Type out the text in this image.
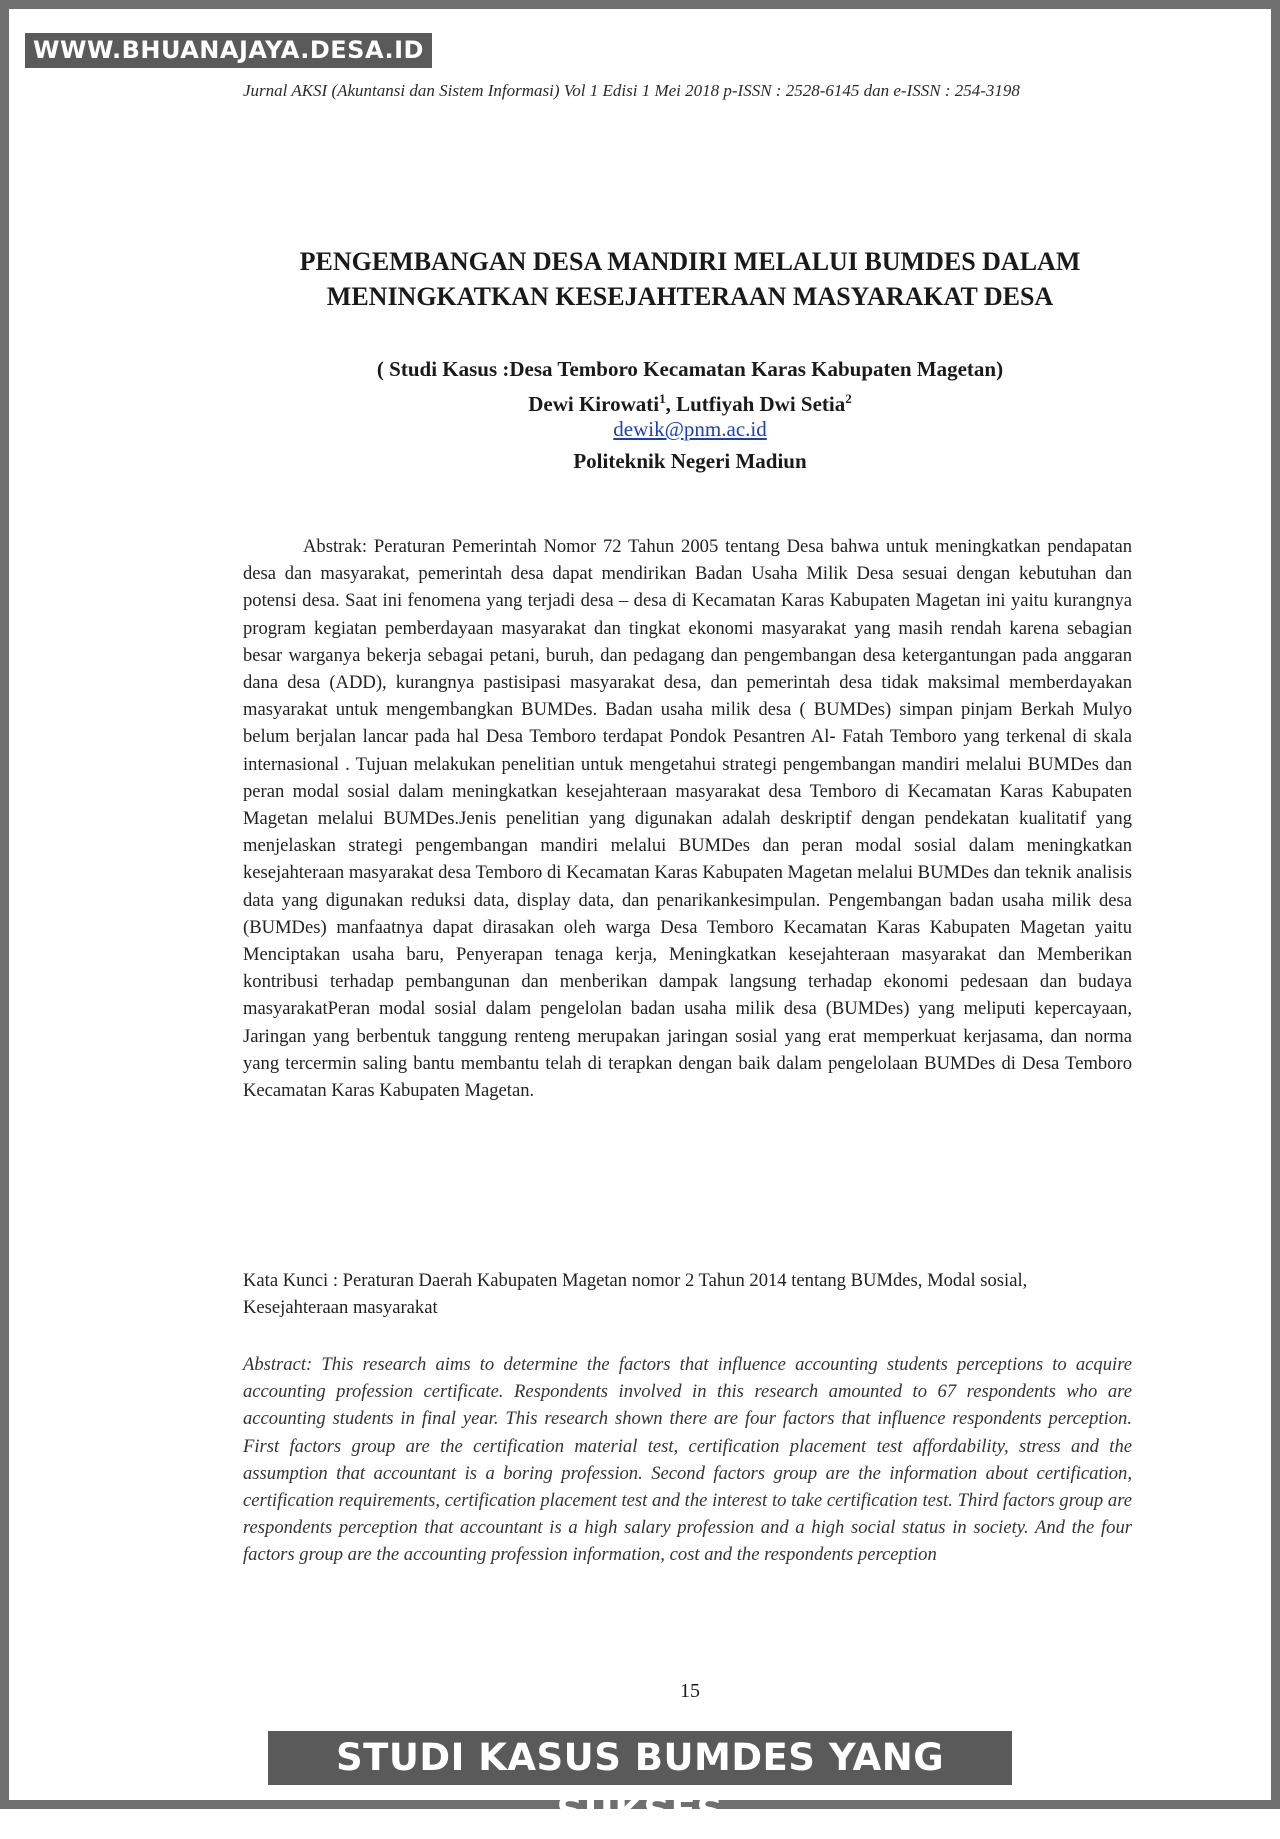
WWW.BHUANAJAYA.DESA.ID
Jurnal AKSI (Akuntansi dan Sistem Informasi) Vol 1 Edisi 1 Mei 2018 p-ISSN : 2528-6145 dan e-ISSN : 254-3198
PENGEMBANGAN DESA MANDIRI MELALUI BUMDES DALAM MENINGKATKAN KESEJAHTERAAN MASYARAKAT DESA
( Studi Kasus :Desa Temboro Kecamatan Karas Kabupaten Magetan)
Dewi Kirowati$^1$, Lutfiyah Dwi Setia$^2$
dewik@pnm.ac.id
Politeknik Negeri Madiun

Abstrak: Peraturan Pemerintah Nomor 72 Tahun 2005 tentang Desa bahwa untuk meningkatkan pendapatan desa dan masyarakat, pemerintah desa dapat mendirikan Badan Usaha Milik Desa sesuai dengan kebutuhan dan potensi desa. Saat ini fenomena yang terjadi desa – desa di Kecamatan Karas Kabupaten Magetan ini yaitu kurangnya program kegiatan pemberdayaan masyarakat dan tingkat ekonomi masyarakat yang masih rendah karena sebagian besar warganya bekerja sebagai petani, buruh, dan pedagang dan pengembangan desa ketergantungan pada anggaran dana desa (ADD), kurangnya pastisipasi masyarakat desa, dan pemerintah desa tidak maksimal memberdayakan masyarakat untuk mengembangkan BUMDes. Badan usaha milik desa ( BUMDes) simpan pinjam Berkah Mulyo belum berjalan lancar pada hal Desa Temboro terdapat Pondok Pesantren Al- Fatah Temboro yang terkenal di skala internasional . Tujuan melakukan penelitian untuk mengetahui strategi pengembangan mandiri melalui BUMDes dan peran modal sosial dalam meningkatkan kesejahteraan masyarakat desa Temboro di Kecamatan Karas Kabupaten Magetan melalui BUMDes.Jenis penelitian yang digunakan adalah deskriptif dengan pendekatan kualitatif yang menjelaskan strategi pengembangan mandiri melalui BUMDes dan peran modal sosial dalam meningkatkan kesejahteraan masyarakat desa Temboro di Kecamatan Karas Kabupaten Magetan melalui BUMDes dan teknik analisis data yang digunakan reduksi data, display data, dan penarikankesimpulan. Pengembangan badan usaha milik desa (BUMDes) manfaatnya dapat dirasakan oleh warga Desa Temboro Kecamatan Karas Kabupaten Magetan yaitu Menciptakan usaha baru, Penyerapan tenaga kerja, Meningkatkan kesejahteraan masyarakat dan Memberikan kontribusi terhadap pembangunan dan menberikan dampak langsung terhadap ekonomi pedesaan dan budaya masyarakatPeran modal sosial dalam pengelolan badan usaha milik desa (BUMDes) yang meliputi kepercayaan, Jaringan yang berbentuk tanggung renteng merupakan jaringan sosial yang erat memperkuat kerjasama, dan norma yang tercermin saling bantu membantu telah di terapkan dengan baik dalam pengelolaan BUMDes di Desa Temboro Kecamatan Karas Kabupaten Magetan.

Kata Kunci : Peraturan Daerah Kabupaten Magetan nomor 2 Tahun 2014 tentang BUMdes, Modal sosial, Kesejahteraan masyarakat

Abstract: This research aims to determine the factors that influence accounting students perceptions to acquire accounting profession certificate. Respondents involved in this research amounted to 67 respondents who are accounting students in final year. This research shown there are four factors that influence respondents perception. First factors group are the certification material test, certification placement test affordability, stress and the assumption that accountant is a boring profession. Second factors group are the information about certification, certification requirements, certification placement test and the interest to take certification test. Third factors group are respondents perception that accountant is a high salary profession and a high social status in society. And the four factors group are the accounting profession information, cost and the respondents perception

15
STUDI KASUS BUMDES YANG SUKSES
